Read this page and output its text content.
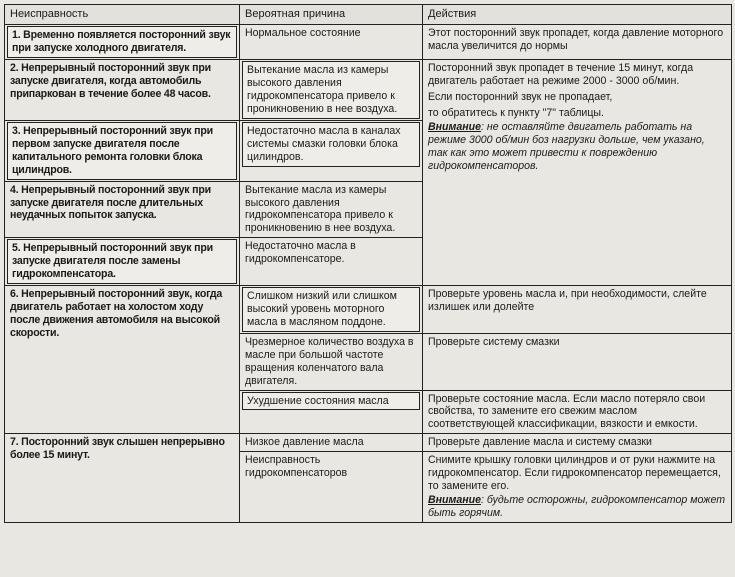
Неисправность	Вероятная причина	Действия

1. Временно появляется посторонний звук при запуске холодного двигателя.	Нормальное состояние	Этот посторонний звук пропадет, когда давление моторного масла увеличится до нормы
2. Непрерывный посторонний звук при запуске двигателя, когда автомобиль припаркован в течение более 48 часов.	Вытекание масла из камеры высокого давления гидрокомпенсатора привело к проникновению в нее воздуха.	Посторонний звук пропадет в течение 15 минут, когда двигатель работает на режиме 2000 - 3000 об/мин.
Если посторонний звук не пропадает,
то обратитесь к пункту "7" таблицы.
Внимание: не оставляйте двигатель работать на режиме 3000 об/мин боз нагрузки дольше, чем указано, так как это может привести к повреждению гидрокомпенсаторов.

3. Непрерывный посторонний звук при первом запуске двигателя после капитального ремонта головки блока цилиндров.	Недостаточно масла в каналах системы смазки головки блока цилиндров.	

4. Непрерывный посторонний звук при запуске двигателя после длительных неудачных попыток запуска.	Вытекание масла из камеры высокого давления гидрокомпенсатора привело к проникновению в нее воздуха.	

5. Непрерывный посторонний звук при запуске двигателя после замены гидрокомпенсатора.	Недостаточно масла в гидрокомпенсаторе.	
6. Непрерывный посторонний звук, когда двигатель работает на холостом ходу после движения автомобиля на высокой скорости.	Слишком низкий или слишком высокий уровень моторного масла в масляном поддоне.	Проверьте уровень масла и, при необходимости, слейте излишек или долейте
	Чрезмерное количество воздуха в масле при большой частоте вращения коленчатого вала двигателя.	Проверьте систему смазки

	Ухудшение состояния масла	Проверьте состояние масла. Если масло потеряло свои свойства, то замените его свежим маслом соответствующей классификации, вязкости и емкости.
7. Посторонний звук слышен непрерывно более 15 минут.	Низкое давление масла	Проверьте давление масла и систему смазки
	Неисправность гидрокомпенсаторов	Снимите крышку головки цилиндров и от руки нажмите на гидрокомпенсатор. Если гидрокомпенсатор перемещается, то замените его.
Внимание: будьте осторожны, гидрокомпенсатор может быть горячим.
